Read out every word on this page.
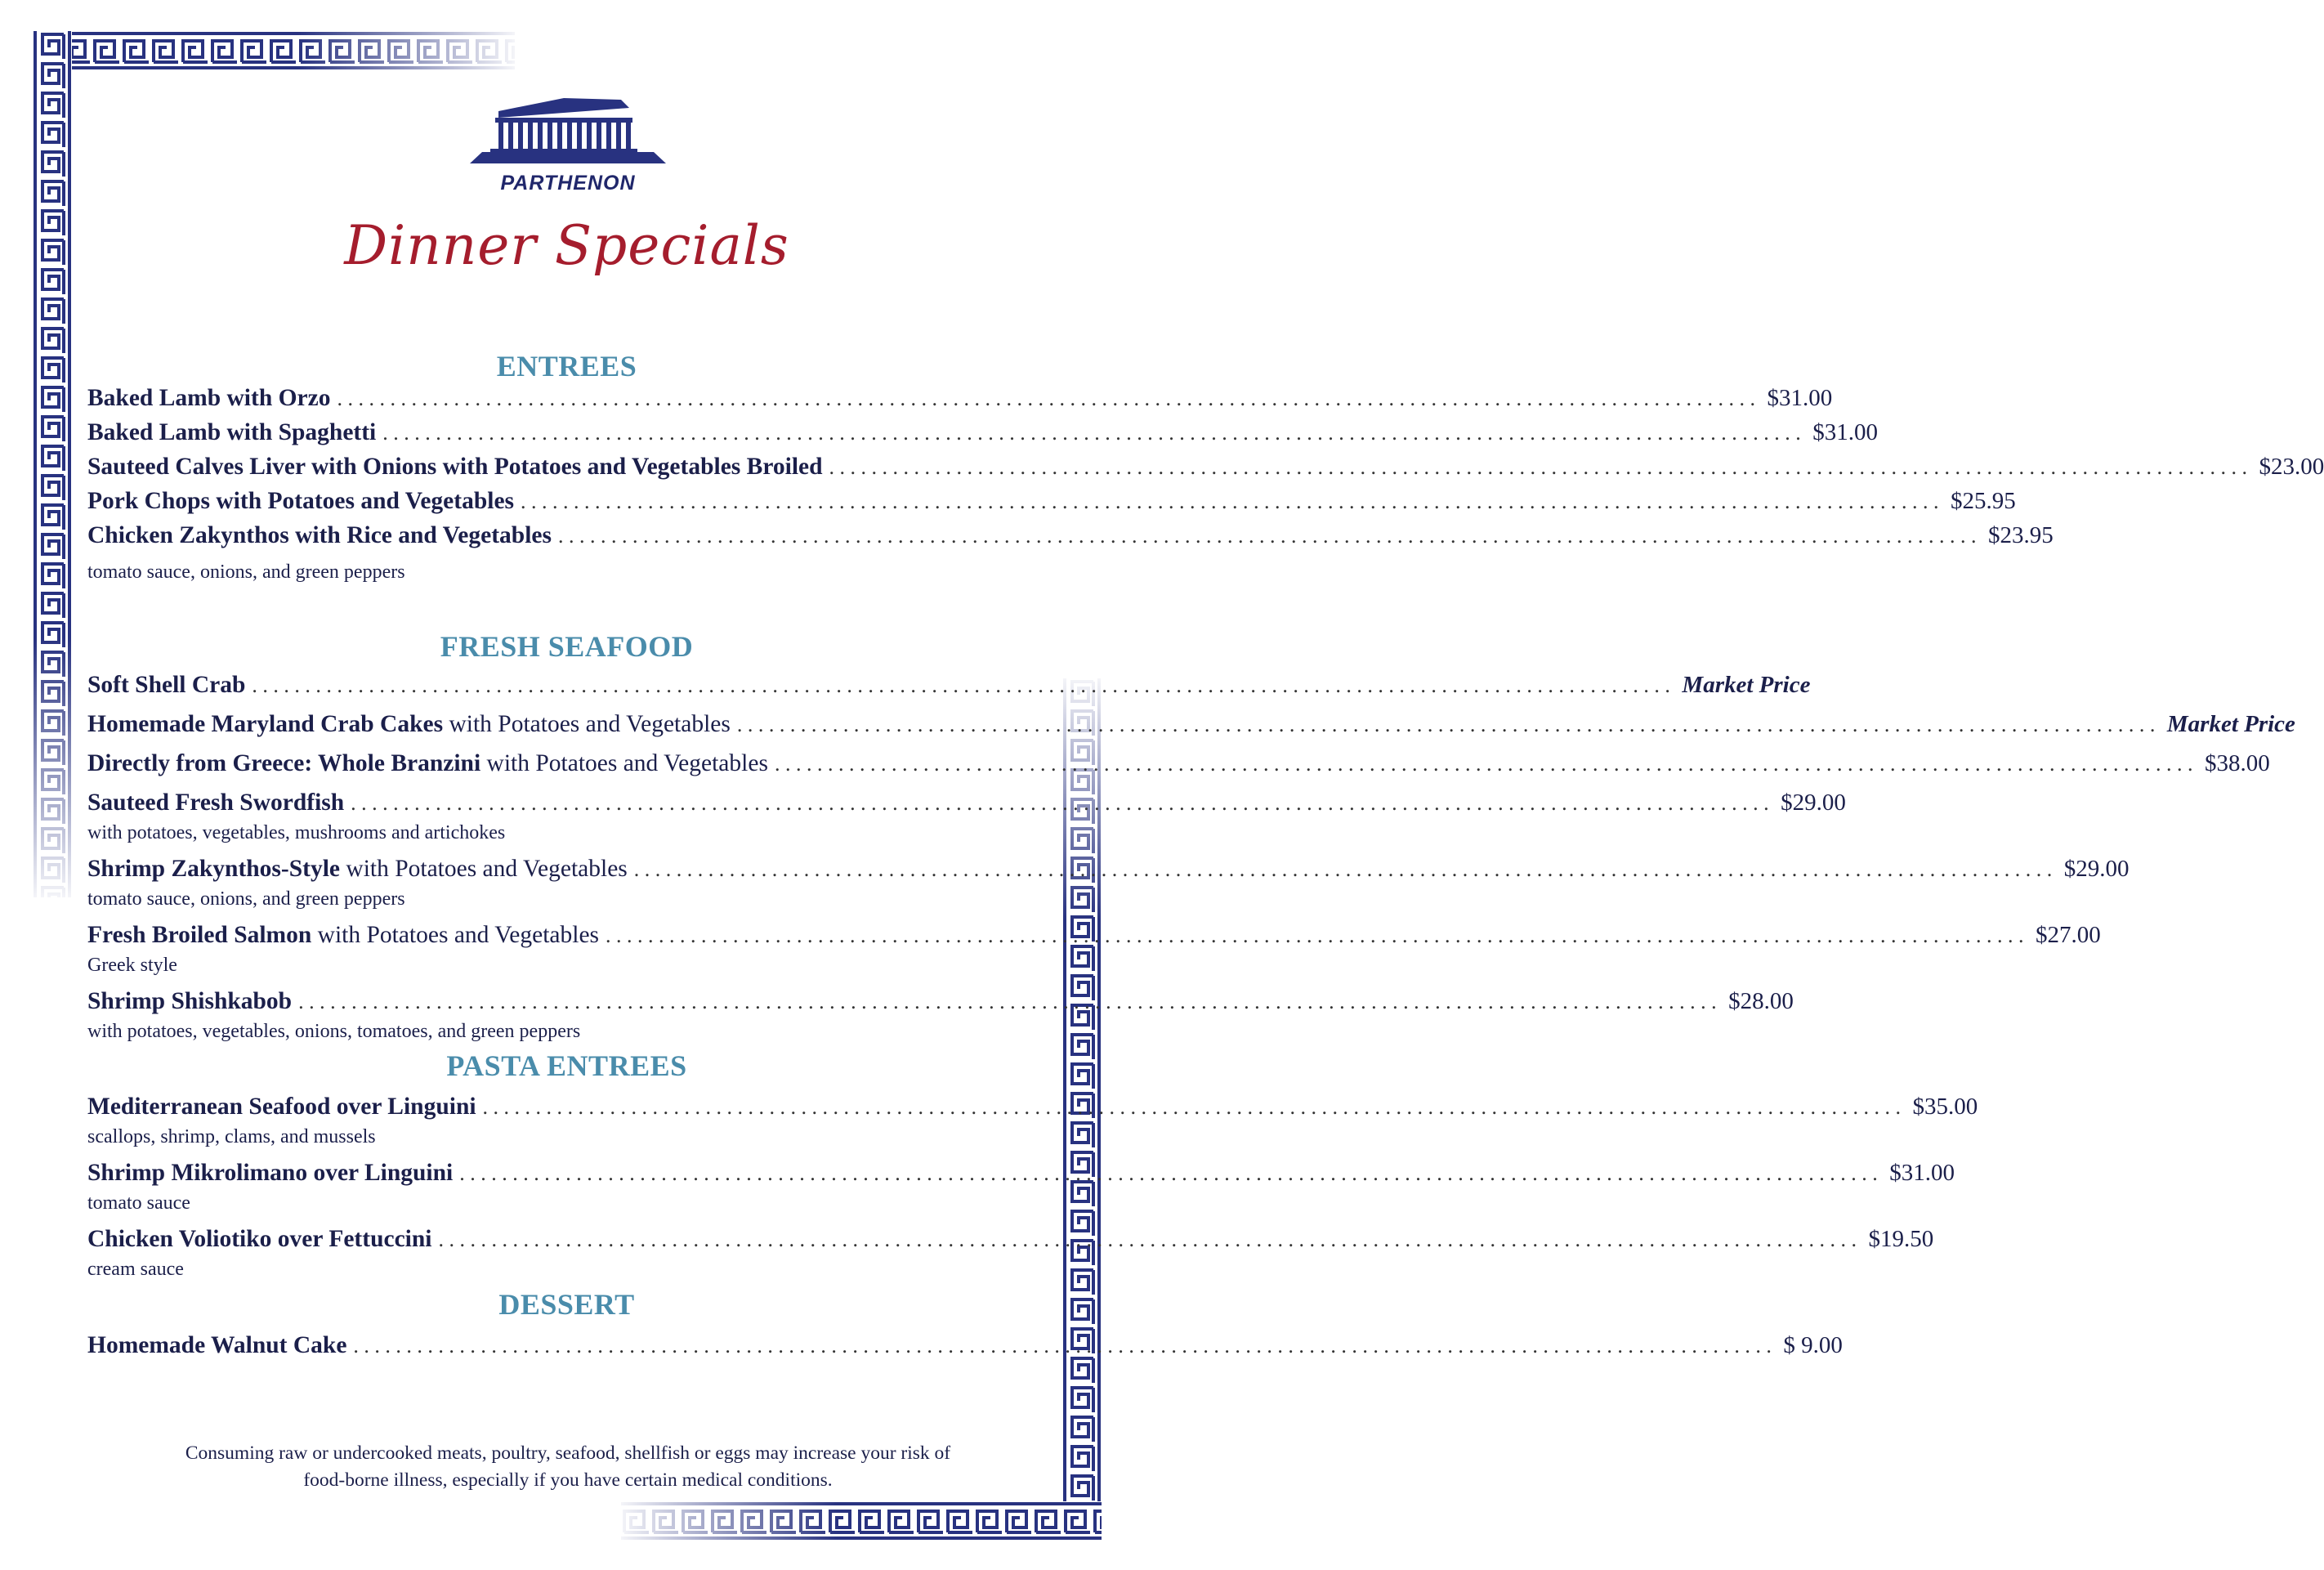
PARTHENON
Dinner Specials
ENTREES
Baked Lamb with Orzo ...................................................................................................................................... $31.00
Baked Lamb with Spaghetti ...................................................................................................................................... $31.00
Sauteed Calves Liver with Onions with Potatoes and Vegetables Broiled ...................................................................................................................................... $23.00
Pork Chops with Potatoes and Vegetables ...................................................................................................................................... $25.95
Chicken Zakynthos with Rice and Vegetables ...................................................................................................................................... $23.95
tomato sauce, onions, and green peppers
FRESH SEAFOOD
Soft Shell Crab ...................................................................................................................................... Market Price
Homemade Maryland Crab Cakes with Potatoes and Vegetables ...................................................................................................................................... Market Price
Directly from Greece: Whole Branzini with Potatoes and Vegetables ...................................................................................................................................... $38.00
Sauteed Fresh Swordfish ...................................................................................................................................... $29.00
with potatoes, vegetables, mushrooms and artichokes
Shrimp Zakynthos-Style with Potatoes and Vegetables ...................................................................................................................................... $29.00
tomato sauce, onions, and green peppers
Fresh Broiled Salmon with Potatoes and Vegetables ...................................................................................................................................... $27.00
Greek style
Shrimp Shishkabob ...................................................................................................................................... $28.00
with potatoes, vegetables, onions, tomatoes, and green peppers
PASTA ENTREES
Mediterranean Seafood over Linguini ...................................................................................................................................... $35.00
scallops, shrimp, clams, and mussels
Shrimp Mikrolimano over Linguini ...................................................................................................................................... $31.00
tomato sauce
Chicken Voliotiko over Fettuccini ...................................................................................................................................... $19.50
cream sauce
DESSERT
Homemade Walnut Cake ...................................................................................................................................... $ 9.00
Consuming raw or undercooked meats, poultry, seafood, shellfish or eggs may increase your risk of
food-borne illness, especially if you have certain medical conditions.
